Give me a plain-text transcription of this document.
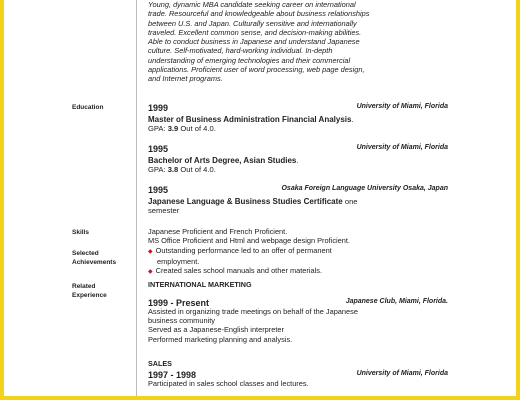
Young, dynamic MBA candidate seeking career on international
trade. Resourceful and knowledgeable about business relationships
between U.S. and Japan. Culturally sensitive and internationally
traveled. Excellent common sense, and decision-making abilities.
Able to conduct business in Japanese and understand Japanese
culture. Self-motivated, hard-working individual. In-depth
understanding of emerging technologies and their commercial
applications. Proficient user of word processing, web page design,
and Internet programs.
Education
Skills
Selected
Achievements
Related
Experience
1999	University of Miami, Florida
Master of Business Administration Financial Analysis.
GPA: 3.9 Out of 4.0.
1995	University of Miami, Florida
Bachelor of Arts Degree, Asian Studies.
GPA: 3.8 Out of 4.0.
1995	Osaka Foreign Language University Osaka, Japan
Japanese Language & Business Studies Certificate one
semester
Japanese Proficient and French Proficient.
MS Office Proficient and Html and webpage design Proficient.
◆ Outstanding performance led to an offer of permanent
employment.
◆ Created sales school manuals and other materials.
INTERNATIONAL MARKETING
1999 - Present	Japanese Club, Miami, Florida.
Assisted in organizing trade meetings on behalf of the Japanese
business community
Served as a Japanese-English interpreter
Performed marketing planning and analysis.
SALES
1997 - 1998	University of Miami, Florida
Participated in sales school classes and lectures.
